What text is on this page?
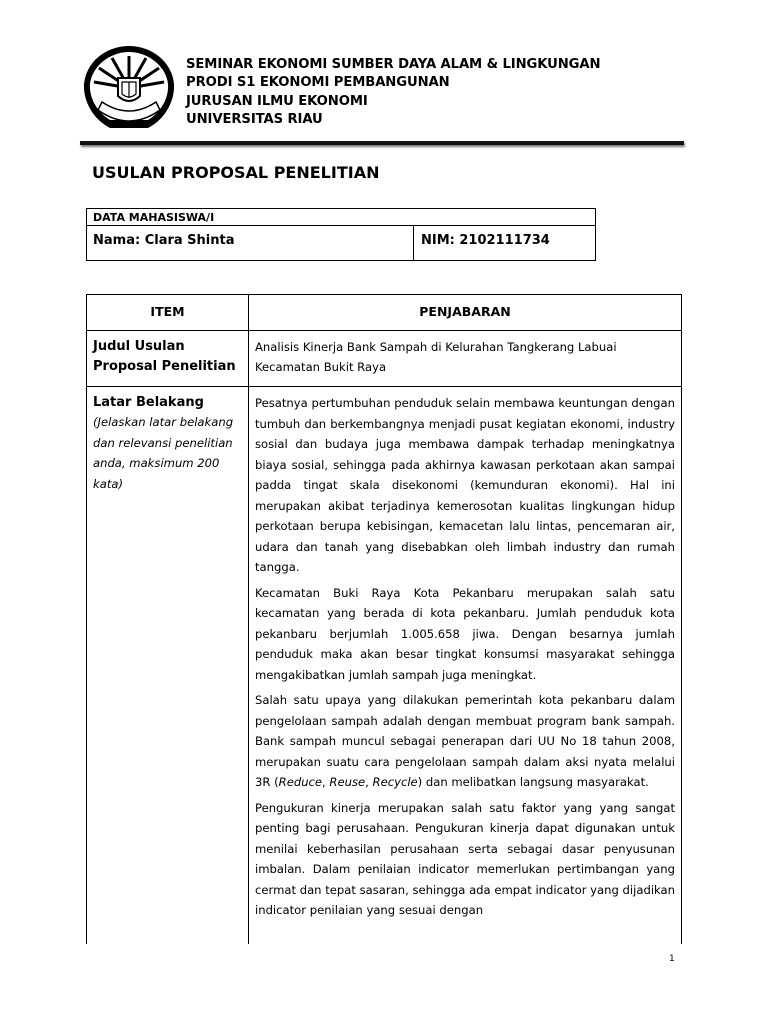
SEMINAR EKONOMI SUMBER DAYA ALAM & LINGKUNGAN
PRODI S1 EKONOMI PEMBANGUNAN
JURUSAN ILMU EKONOMI
UNIVERSITAS RIAU
USULAN PROPOSAL PENELITIAN
DATA MAHASISWA/I
Nama: Clara Shinta	NIM: 2102111734
ITEM	PENJABARAN
Judul Usulan Proposal Penelitian
Analisis Kinerja Bank Sampah di Kelurahan Tangkerang Labuai Kecamatan Bukit Raya
Latar Belakang
(Jelaskan latar belakang dan relevansi penelitian anda, maksimum 200 kata)

Pesatnya pertumbuhan penduduk selain membawa keuntungan dengan tumbuh dan berkembangnya menjadi pusat kegiatan ekonomi, industry sosial dan budaya juga membawa dampak terhadap meningkatnya biaya sosial, sehingga pada akhirnya kawasan perkotaan akan sampai padda tingat skala disekonomi (kemunduran ekonomi). Hal ini merupakan akibat terjadinya kemerosotan kualitas lingkungan hidup perkotaan berupa kebisingan, kemacetan lalu lintas, pencemaran air, udara dan tanah yang disebabkan oleh limbah industry dan rumah tangga.

Kecamatan Buki Raya Kota Pekanbaru merupakan salah satu kecamatan yang berada di kota pekanbaru. Jumlah penduduk kota pekanbaru berjumlah 1.005.658 jiwa. Dengan besarnya jumlah penduduk maka akan besar tingkat konsumsi masyarakat sehingga mengakibatkan jumlah sampah juga meningkat.

Salah satu upaya yang dilakukan pemerintah kota pekanbaru dalam pengelolaan sampah adalah dengan membuat program bank sampah. Bank sampah muncul sebagai penerapan dari UU No 18 tahun 2008, merupakan suatu cara pengelolaan sampah dalam aksi nyata melalui 3R (Reduce, Reuse, Recycle) dan melibatkan langsung masyarakat.

Pengukuran kinerja merupakan salah satu faktor yang yang sangat penting bagi perusahaan. Pengukuran kinerja dapat digunakan untuk menilai keberhasilan perusahaan serta sebagai dasar penyusunan imbalan. Dalam penilaian indicator memerlukan pertimbangan yang cermat dan tepat sasaran, sehingga ada empat indicator yang dijadikan indicator penilaian yang sesuai dengan

1
